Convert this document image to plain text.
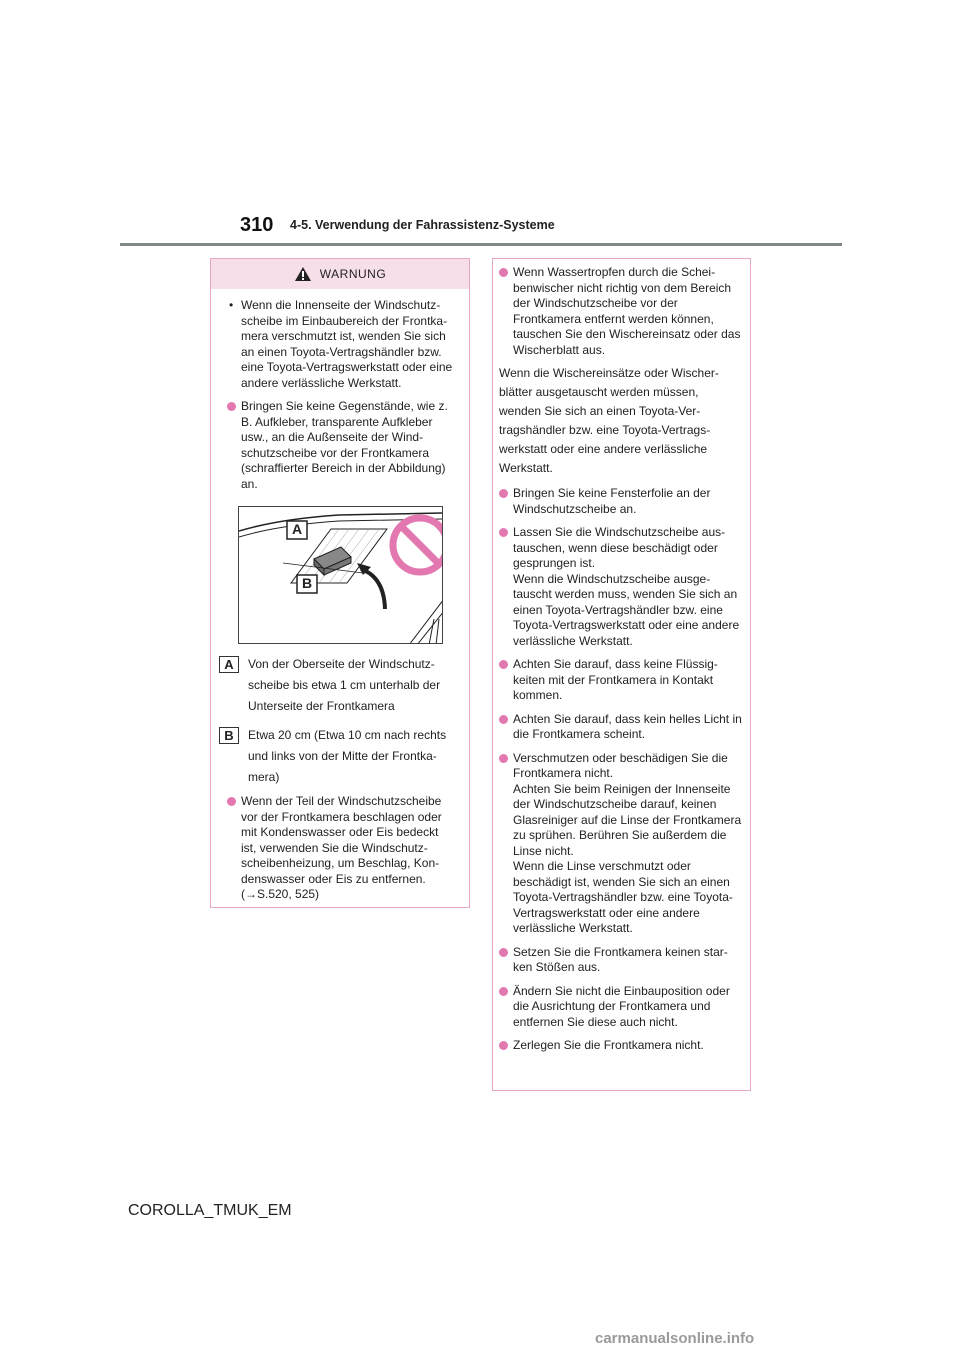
310 4-5. Verwendung der Fahrassistenz-Systeme
WARNUNG
• Wenn die Innenseite der Windschutzscheibe im Einbaubereich der Frontkamera verschmutzt ist, wenden Sie sich an einen Toyota-Vertragshändler bzw. eine Toyota-Vertragswerkstatt oder eine andere verlässliche Werkstatt.
Bringen Sie keine Gegenstände, wie z. B. Aufkleber, transparente Aufkleber usw., an die Außenseite der Windschutzscheibe vor der Frontkamera (schraffierter Bereich in der Abbildung) an.
A
B
A	Von der Oberseite der Windschutz-
scheibe bis etwa 1 cm unterhalb der
Unterseite der Frontkamera
B	Etwa 20 cm (Etwa 10 cm nach rechts
und links von der Mitte der Frontka-
mera)
Wenn der Teil der Windschutzscheibe vor der Frontkamera beschlagen oder mit Kondenswasser oder Eis bedeckt ist, verwenden Sie die Windschutzscheibenheizung, um Beschlag, Kondenswasser oder Eis zu entfernen.
(→S.520, 525)
Wenn Wassertropfen durch die Scheibenwischer nicht richtig von dem Bereich der Windschutzscheibe vor der Frontkamera entfernt werden können, tauschen Sie den Wischereinsatz oder das Wischerblatt aus.
Wenn die Wischereinsätze oder Wischer-
blätter ausgetauscht werden müssen,
wenden Sie sich an einen Toyota-Ver-
tragshändler bzw. eine Toyota-Vertrags-
werkstatt oder eine andere verlässliche
Werkstatt.
Bringen Sie keine Fensterfolie an der Windschutzscheibe an.
Lassen Sie die Windschutzscheibe austauschen, wenn diese beschädigt oder gesprungen ist.
Wenn die Windschutzscheibe ausgetauscht werden muss, wenden Sie sich an einen Toyota-Vertragshändler bzw. eine Toyota-Vertragswerkstatt oder eine andere verlässliche Werkstatt.
Achten Sie darauf, dass keine Flüssigkeiten mit der Frontkamera in Kontakt kommen.
Achten Sie darauf, dass kein helles Licht in die Frontkamera scheint.
Verschmutzen oder beschädigen Sie die Frontkamera nicht.
Achten Sie beim Reinigen der Innenseite der Windschutzscheibe darauf, keinen Glasreiniger auf die Linse der Frontkamera zu sprühen. Berühren Sie außerdem die Linse nicht.
Wenn die Linse verschmutzt oder beschädigt ist, wenden Sie sich an einen Toyota-Vertragshändler bzw. eine Toyota-Vertragswerkstatt oder eine andere verlässliche Werkstatt.
Setzen Sie die Frontkamera keinen starken Stößen aus.
Ändern Sie nicht die Einbauposition oder die Ausrichtung der Frontkamera und entfernen Sie diese auch nicht.
Zerlegen Sie die Frontkamera nicht.
COROLLA_TMUK_EM
carmanualsonline.info
